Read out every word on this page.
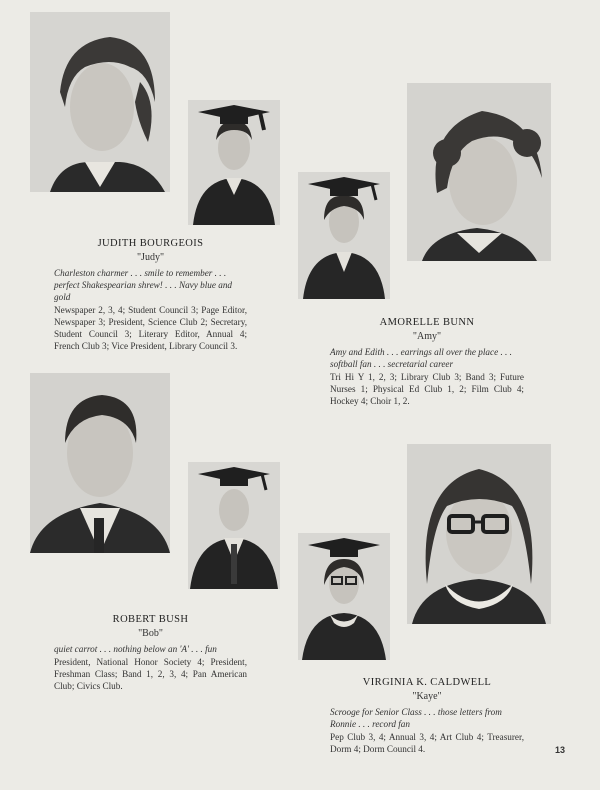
JUDITH BOURGEOIS

"Judy"

Charleston charmer . . . smile to remember . . . perfect Shakespearian shrew! . . . Navy blue and gold

Newspaper 2, 3, 4; Student Council 3; Page Editor, Newspaper 3; President, Science Club 2; Secretary, Student Council 3; Literary Editor, Annual 4; French Club 3; Vice President, Library Council 3.

AMORELLE BUNN

"Amy"

Amy and Edith . . . earrings all over the place . . . softball fan . . . secretarial career

Tri Hi Y 1, 2, 3; Library Club 3; Band 3; Future Nurses 1; Physical Ed Club 1, 2; Film Club 4; Hockey 4; Choir 1, 2.

ROBERT BUSH

"Bob"

quiet carrot . . . nothing below an 'A' . . . fun

President, National Honor Society 4; President, Freshman Class; Band 1, 2, 3, 4; Pan American Club; Civics Club.	VIRGINIA K. CALDWELL

"Kaye"

Scrooge for Senior Class . . . those letters from Ronnie . . . record fan

Pep Club 3, 4; Annual 3, 4; Art Club 4; Treasurer, Dorm 4; Dorm Council 4.	13
